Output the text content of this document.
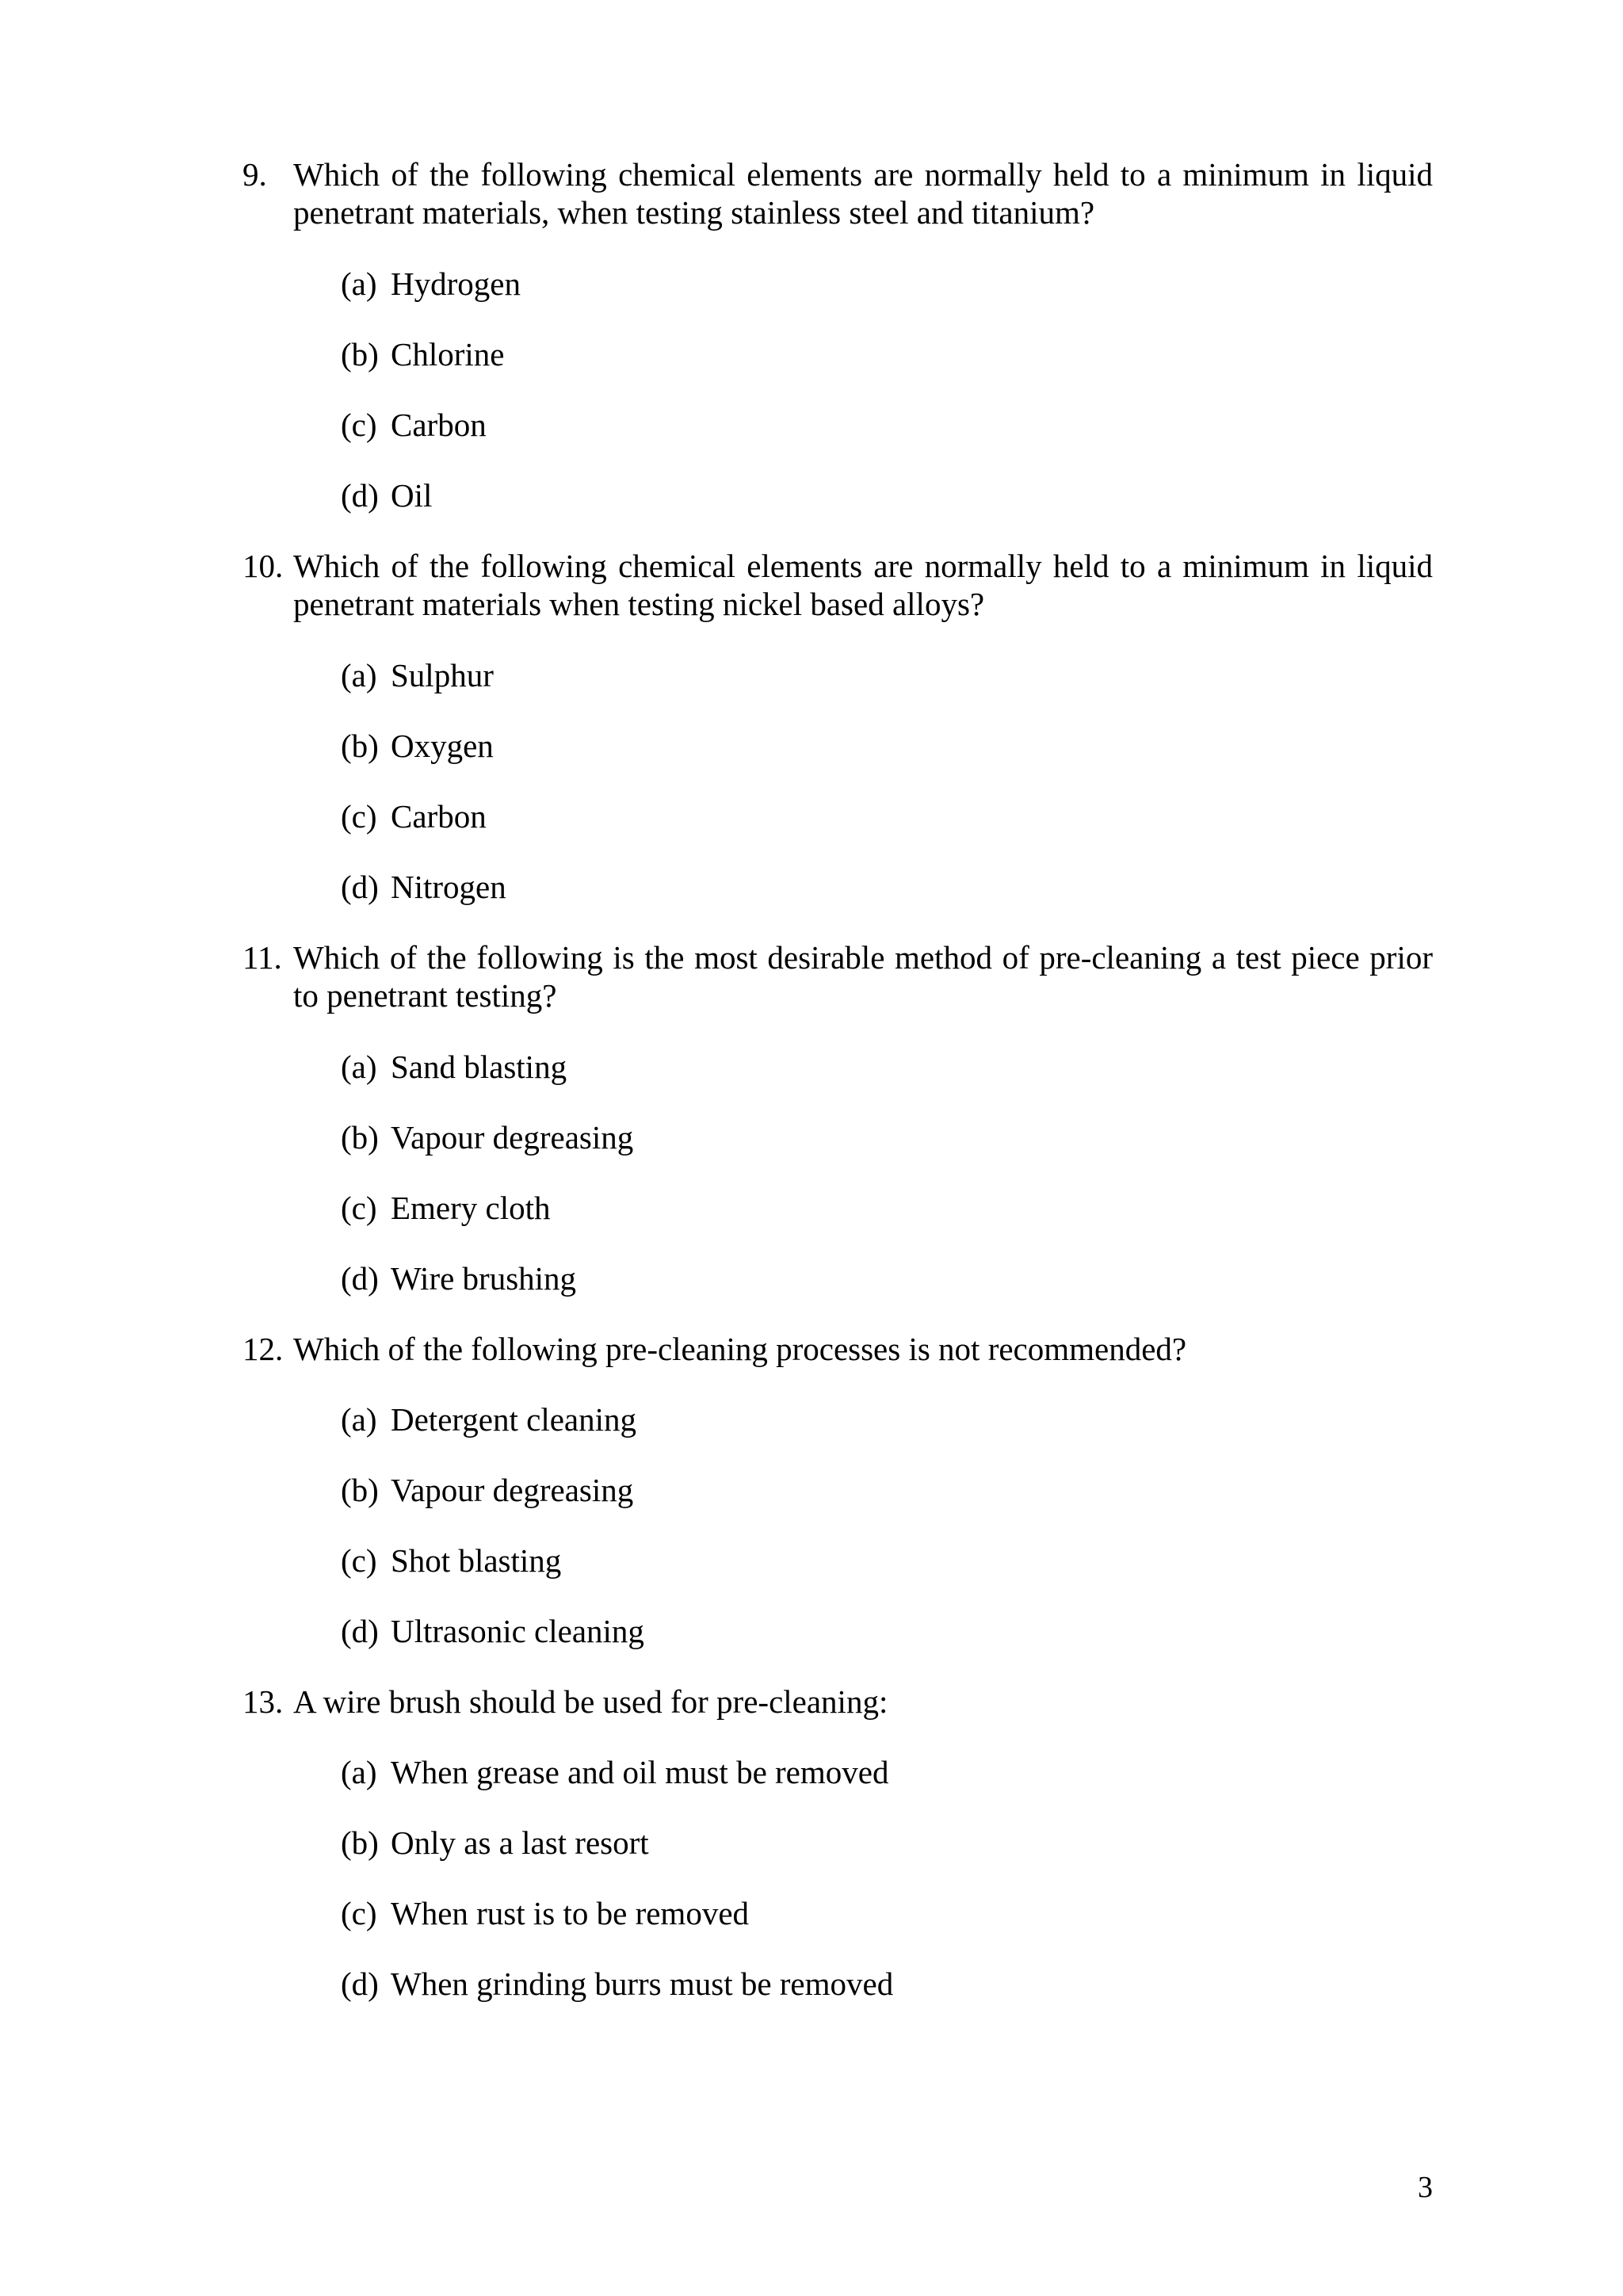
9. Which of the following chemical elements are normally held to a minimum in liquid penetrant materials, when testing stainless steel and titanium?
(a) Hydrogen
(b) Chlorine
(c) Carbon
(d) Oil
10. Which of the following chemical elements are normally held to a minimum in liquid penetrant materials when testing nickel based alloys?
(a) Sulphur
(b) Oxygen
(c) Carbon
(d) Nitrogen
11. Which of the following is the most desirable method of pre-cleaning a test piece prior to penetrant testing?
(a) Sand blasting
(b) Vapour degreasing
(c) Emery cloth
(d) Wire brushing
12. Which of the following pre-cleaning processes is not recommended?
(a) Detergent cleaning
(b) Vapour degreasing
(c) Shot blasting
(d) Ultrasonic cleaning
13. A wire brush should be used for pre-cleaning:
(a) When grease and oil must be removed
(b) Only as a last resort
(c) When rust is to be removed
(d) When grinding burrs must be removed
3
